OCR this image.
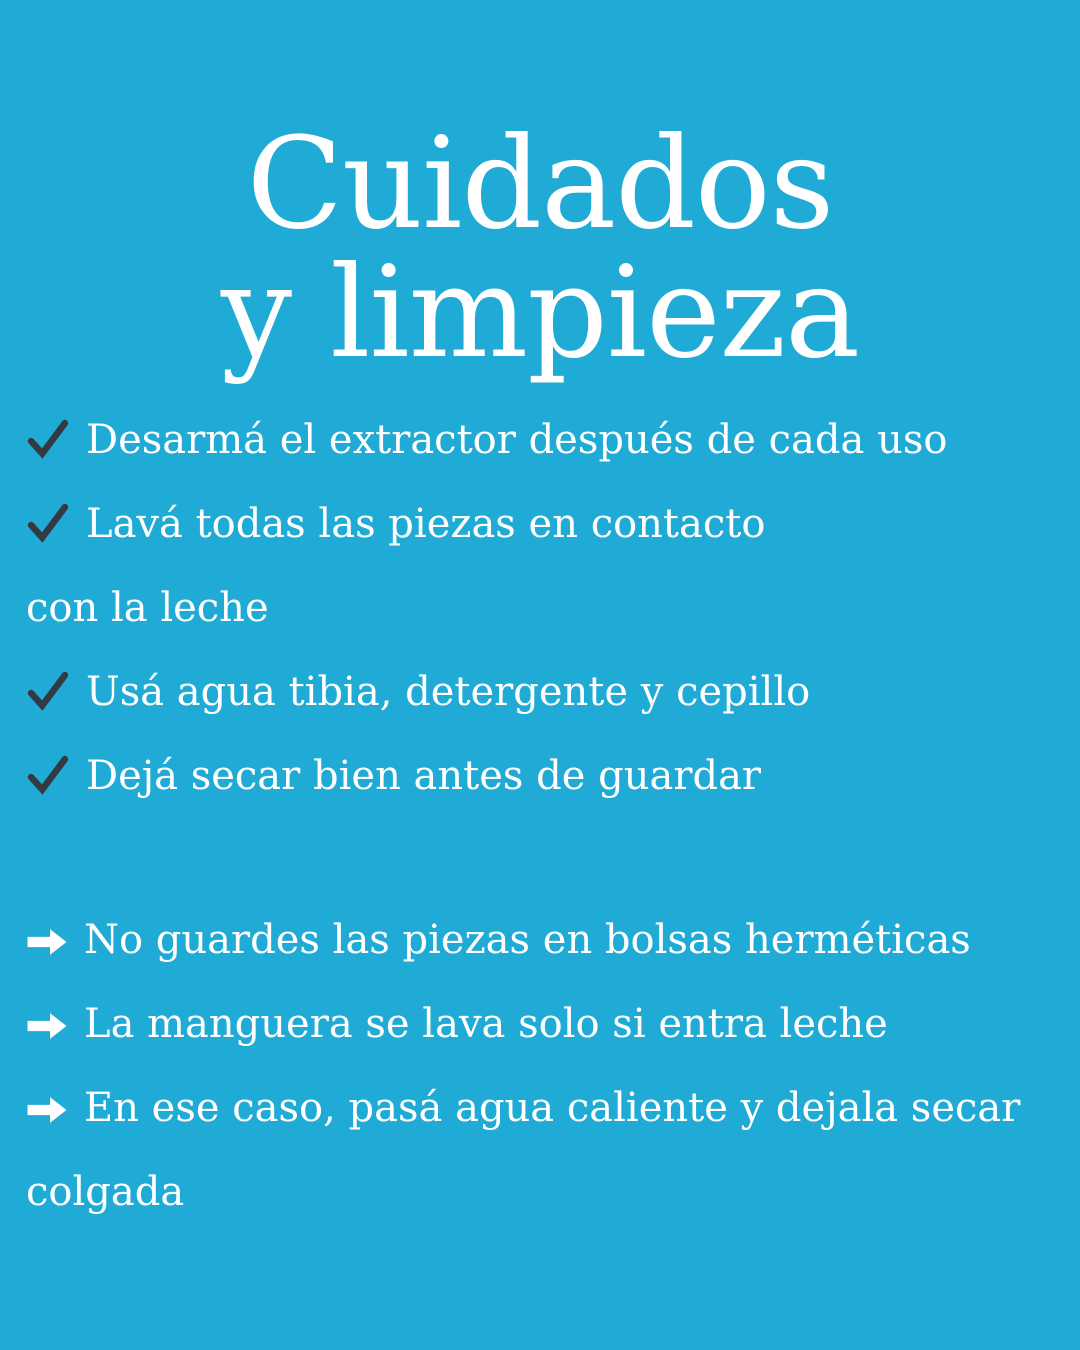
Cuidados
y limpieza

Desarmá el extractor después de cada uso

Lavá todas las piezas en contacto
con la leche

Usá agua tibia, detergente y cepillo

Dejá secar bien antes de guardar

No guardes las piezas en bolsas herméticas

La manguera se lava solo si entra leche

En ese caso, pasá agua caliente y dejala secar
colgada
